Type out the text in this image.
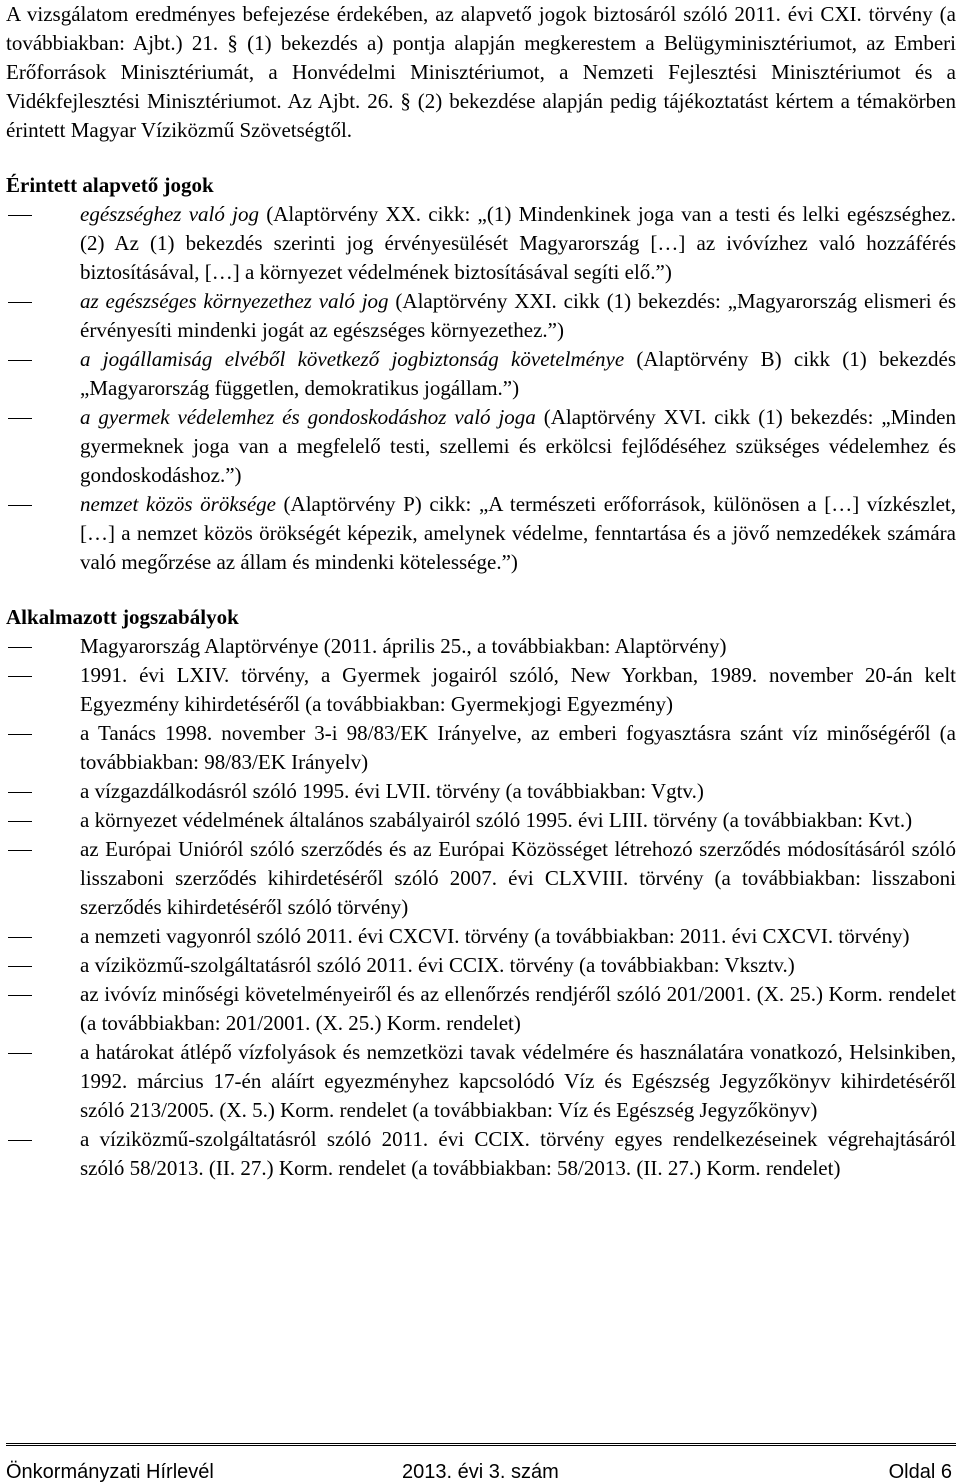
A vizsgálatom eredményes befejezése érdekében, az alapvető jogok biztosáról szóló 2011. évi CXI. törvény (a továbbiakban: Ajbt.) 21. § (1) bekezdés a) pontja alapján megkerestem a Belügyminisztériumot, az Emberi Erőforrások Minisztériumát, a Honvédelmi Minisztériumot, a Nemzeti Fejlesztési Minisztériumot és a Vidékfejlesztési Minisztériumot. Az Ajbt. 26. § (2) bekezdése alapján pedig tájékoztatást kértem a témakörben érintett Magyar Víziközmű Szövetségtől.

Érintett alapvető jogok
egészséghez való jog (Alaptörvény XX. cikk: „(1) Mindenkinek joga van a testi és lelki egészséghez. (2) Az (1) bekezdés szerinti jog érvényesülését Magyarország […] az ivóvízhez való hozzáférés biztosításával, […] a környezet védelmének biztosításával segíti elő.”)
az egészséges környezethez való jog (Alaptörvény XXI. cikk (1) bekezdés: „Magyarország elismeri és érvényesíti mindenki jogát az egészséges környezethez.”)
a jogállamiság elvéből következő jogbiztonság követelménye (Alaptörvény B) cikk (1) bekezdés „Magyarország független, demokratikus jogállam.”)
a gyermek védelemhez és gondoskodáshoz való joga (Alaptörvény XVI. cikk (1) bekezdés: „Minden gyermeknek joga van a megfelelő testi, szellemi és erkölcsi fejlődéséhez szükséges védelemhez és gondoskodáshoz.”)
nemzet közös öröksége (Alaptörvény P) cikk: „A természeti erőforrások, különösen a […] vízkészlet, […] a nemzet közös örökségét képezik, amelynek védelme, fenntartása és a jövő nemzedékek számára való megőrzése az állam és mindenki kötelessége.”)
Alkalmazott jogszabályok
Magyarország Alaptörvénye (2011. április 25., a továbbiakban: Alaptörvény)
1991. évi LXIV. törvény, a Gyermek jogairól szóló, New Yorkban, 1989. november 20-án kelt Egyezmény kihirdetéséről (a továbbiakban: Gyermekjogi Egyezmény)
a Tanács 1998. november 3-i 98/83/EK Irányelve, az emberi fogyasztásra szánt víz minőségéről (a továbbiakban: 98/83/EK Irányelv)
a vízgazdálkodásról szóló 1995. évi LVII. törvény (a továbbiakban: Vgtv.)
a környezet védelmének általános szabályairól szóló 1995. évi LIII. törvény (a továbbiakban: Kvt.)
az Európai Unióról szóló szerződés és az Európai Közösséget létrehozó szerződés módosításáról szóló lisszaboni szerződés kihirdetéséről szóló 2007. évi CLXVIII. törvény (a továbbiakban: lisszaboni szerződés kihirdetéséről szóló törvény)
a nemzeti vagyonról szóló 2011. évi CXCVI. törvény (a továbbiakban: 2011. évi CXCVI. törvény)
a víziközmű-szolgáltatásról szóló 2011. évi CCIX. törvény (a továbbiakban: Vksztv.)
az ivóvíz minőségi követelményeiről és az ellenőrzés rendjéről szóló 201/2001. (X. 25.) Korm. rendelet (a továbbiakban: 201/2001. (X. 25.) Korm. rendelet)
a határokat átlépő vízfolyások és nemzetközi tavak védelmére és használatára vonatkozó, Helsinkiben, 1992. március 17-én aláírt egyezményhez kapcsolódó Víz és Egészség Jegyzőkönyv kihirdetéséről szóló 213/2005. (X. 5.) Korm. rendelet (a továbbiakban: Víz és Egészség Jegyzőkönyv)
a víziközmű-szolgáltatásról szóló 2011. évi CCIX. törvény egyes rendelkezéseinek végrehajtásáról szóló 58/2013. (II. 27.) Korm. rendelet (a továbbiakban: 58/2013. (II. 27.) Korm. rendelet)
Önkormányzati Hírlevél	2013. évi 3. szám	Oldal 6
